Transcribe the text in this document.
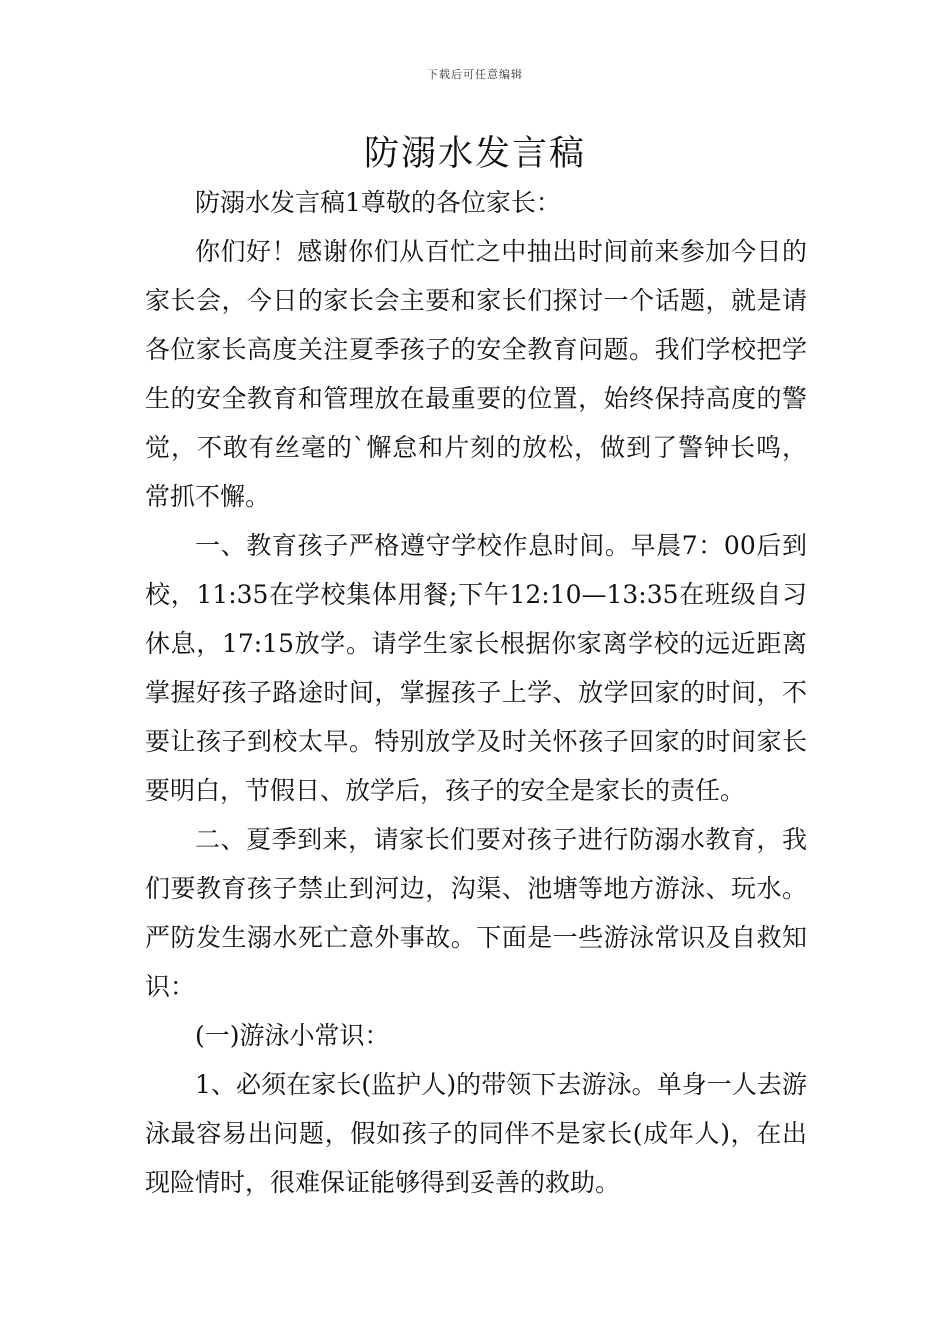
下载后可任意编辑
防溺水发言稿

防溺水发言稿1尊敬的各位家长：

你们好！感谢你们从百忙之中抽出时间前来参加今日的家长会，今日的家长会主要和家长们探讨一个话题，就是请各位家长高度关注夏季孩子的安全教育问题。我们学校把学生的安全教育和管理放在最重要的位置，始终保持高度的警觉，不敢有丝毫的`懈怠和片刻的放松，做到了警钟长鸣，常抓不懈。

一、教育孩子严格遵守学校作息时间。早晨7：00后到校，11:35在学校集体用餐;下午12:10—13:35在班级自习休息，17:15放学。请学生家长根据你家离学校的远近距离掌握好孩子路途时间，掌握孩子上学、放学回家的时间，不要让孩子到校太早。特别放学及时关怀孩子回家的时间家长要明白，节假日、放学后，孩子的安全是家长的责任。

二、夏季到来，请家长们要对孩子进行防溺水教育，我们要教育孩子禁止到河边，沟渠、池塘等地方游泳、玩水。严防发生溺水死亡意外事故。下面是一些游泳常识及自救知识：

(一)游泳小常识：

1、必须在家长(监护人)的带领下去游泳。单身一人去游泳最容易出问题，假如孩子的同伴不是家长(成年人)，在出现险情时，很难保证能够得到妥善的救助。
